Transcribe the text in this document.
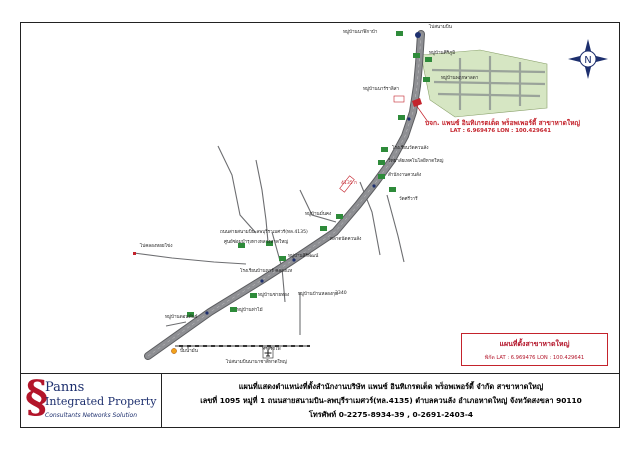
บจก. แพนซ์ อินทิเกรตเต็ด พร็อพเพอร์ตี้ สาขาหาดใหญ่
LAT : 6.969476 LON : 100.429641
ไปสนามบิน
หมู่บ้านนาฬิกาบ้า
หมู่บ้านศิริภูมิ
หมู่บ้านพฤกษาลดา
หมู่บ้านนาร์ราลิสา
โรงเรียนวัดควนลัง
วิทยาลัยเทคโนโลยีหาดใหญ่
สำนักงานควนลัง
วัดศรีวารี
หมู่บ้านมั่นคง
ตลาดนัดควนลัง
ศูนย์ซ่อมบำรุงทางหลวงหาดใหญ่
หมู่บ้านสิริพัฒน์
โรงเรียนบ้านหาร์ คลองแห
หมู่บ้านบ้านหลองกุม
หมู่บ้านชายทอง
หมู่บ้านท่าไม้
หมู่บ้านดอนพันธ์
ไปคลองหอยโข่ง
ไปสนามบินนานาชาติหาดใหญ่
ปั๊มน้ำมัน
ถนนสายสนามบิน-ลพบุรีราเมศวร์(ทล.4135)
4135 ก
3340
ทางรถไฟ
N
แผนที่ตั้งสาขาหาดใหญ่
พิกัด LAT : 6.969476 LON : 100.429641
§
Panns
Integrated Property
Consultants Networks Solution
แผนที่แสดงตำแหน่งที่ตั้งสำนักงานบริษัท แพนซ์ อินทิเกรตเต็ด พร็อพเพอร์ตี้ จำกัด สาขาหาดใหญ่
เลขที่ 1095 หมู่ที่ 1 ถนนสายสนามบิน-ลพบุรีราเมศวร์(ทล.4135) ตำบลควนลัง อำเภอหาดใหญ่ จังหวัดสงขลา 90110
โทรศัพท์ 0-2275-8934-39 , 0-2691-2403-4
